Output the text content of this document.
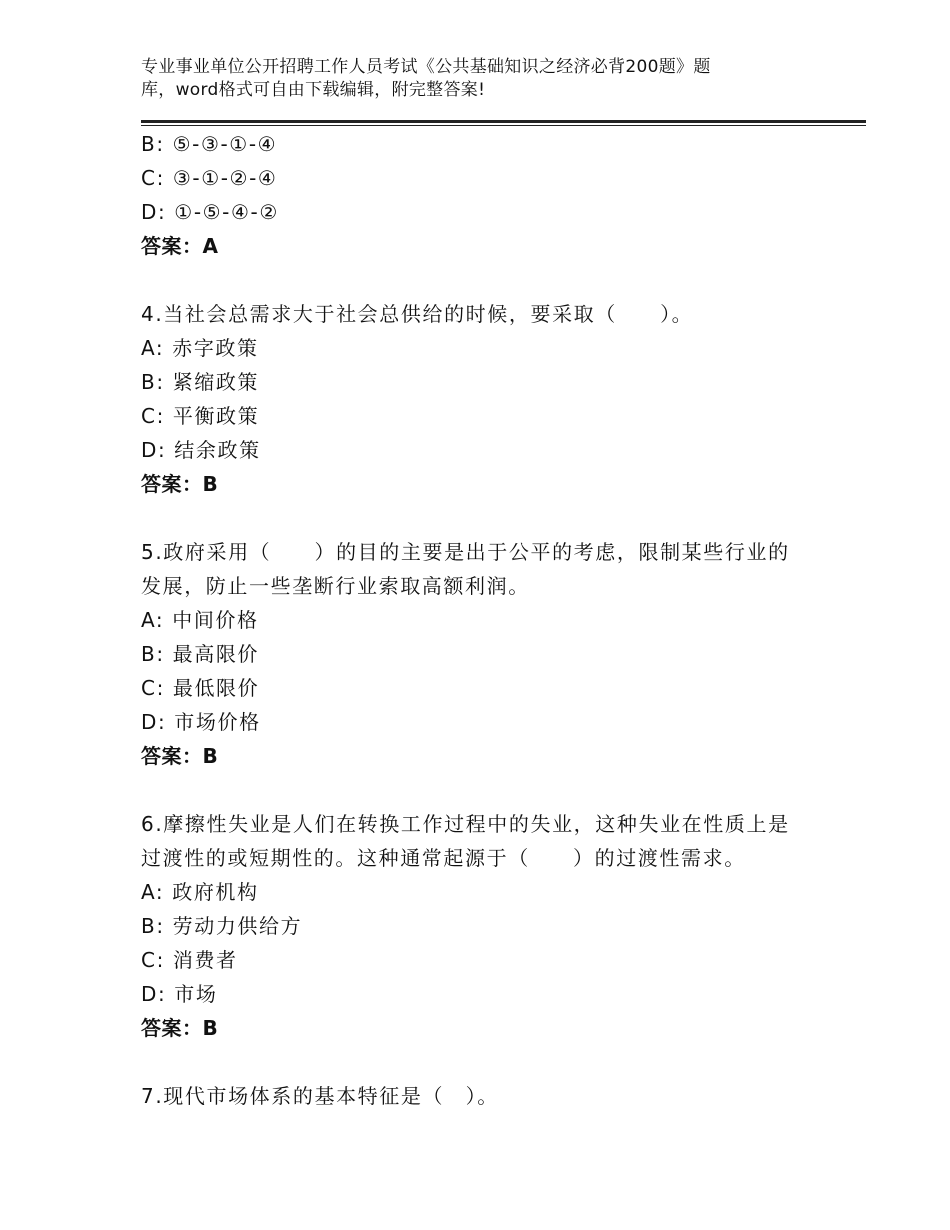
专业事业单位公开招聘工作人员考试《公共基础知识之经济必背200题》题
库，word格式可自由下载编辑，附完整答案!
B: ⑤-③-①-④
C: ③-①-②-④
D: ①-⑤-④-②
答案：A
4.当社会总需求大于社会总供给的时候，要采取（　　）。
A: 赤字政策
B: 紧缩政策
C: 平衡政策
D: 结余政策
答案：B
5.政府采用（　　）的目的主要是出于公平的考虑，限制某些行业的
发展，防止一些垄断行业索取高额利润。
A: 中间价格
B: 最高限价
C: 最低限价
D: 市场价格
答案：B
6.摩擦性失业是人们在转换工作过程中的失业，这种失业在性质上是
过渡性的或短期性的。这种通常起源于（　　）的过渡性需求。
A: 政府机构
B: 劳动力供给方
C: 消费者
D: 市场
答案：B
7.现代市场体系的基本特征是（　）。
